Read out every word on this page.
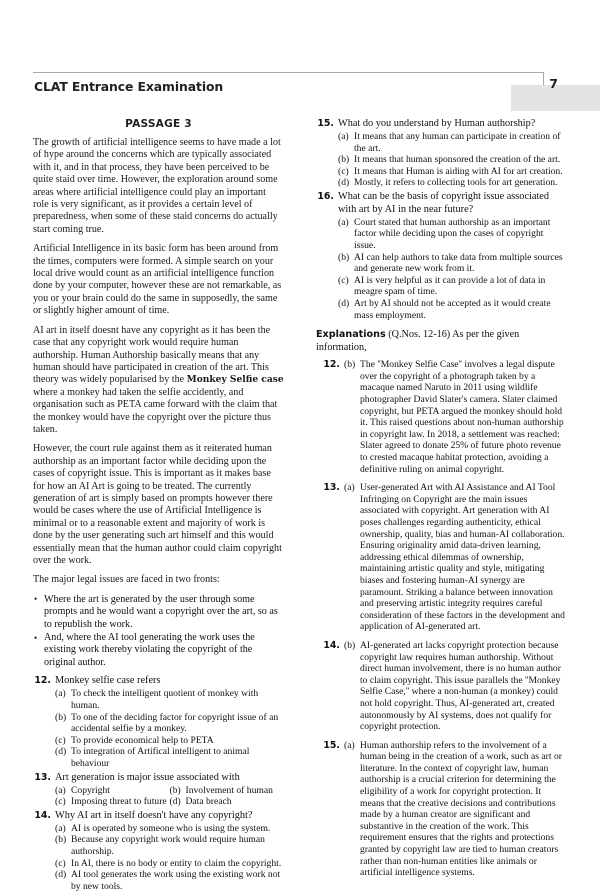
CLAT Entrance Examination	7
PASSAGE 3

The growth of artificial intelligence seems to have made a lot of hype around the concerns which are typically associated with it, and in that process, they have been perceived to be quite staid over time. However, the exploration around some areas where artificial intelligence could play an important role is very significant, as it provides a certain level of preparedness, when some of these staid concerns do actually start coming true.

Artificial Intelligence in its basic form has been around from the times, computers were formed. A simple search on your local drive would count as an artificial intelligence function done by your computer, however these are not remarkable, as you or your brain could do the same in supposedly, the same or slightly higher amount of time.

AI art in itself doesnt have any copyright as it has been the case that any copyright work would require human authorship. Human Authorship basically means that any human should have participated in creation of the art. This theory was widely popularised by the Monkey Selfie case where a monkey had taken the selfie accidently, and organisation such as PETA came forward with the claim that the monkey would have the copyright over the picture thus taken.

However, the court rule against them as it reiterated human authorship as an important factor while deciding upon the cases of copyright issue. This is important as it makes base for how an AI Art is going to be treated. The currently generation of art is simply based on prompts however there would be cases where the use of Artificial Intelligence is minimal or to a reasonable extent and majority of work is done by the user generating such art himself and this would essentially mean that the human author could claim copyright over the work.

The major legal issues are faced in two fronts:

• Where the art is generated by the user through some prompts and he would want a copyright over the art, so as to republish the work.
• And, where the AI tool generating the work uses the existing work thereby violating the copyright of the original author.
12. Monkey selfie case refers
(a) To check the intelligent quotient of monkey with human.
(b) To one of the deciding factor for copyright issue of an accidental selfie by a monkey.
(c) To provide economical help to PETA
(d) To integration of Artifical intelligent to animal behaviour
13. Art generation is major issue associated with
(a) Copyright	(b) Involvement of human
(c) Imposing threat to future (d) Data breach
14. Why AI art in itself doesn't have any copyright?
(a) AI is operated by someone who is using the system.
(b) Because any copyright work would require human authorship.
(c) In AI, there is no body or entity to claim the copyright.
(d) AI tool generates the work using the existing work not by new tools.
15. What do you understand by Human authorship?
(a) It means that any human can participate in creation of the art.
(b) It means that human sponsored the creation of the art.
(c) It means that Human is aiding with AI for art creation.
(d) Mostly, it refers to collecting tools for art generation.
16. What can be the basis of copyright issue associated with art by AI in the near future?
(a) Court stated that human authorship as an important factor while deciding upon the cases of copyright issue.
(b) AI can help authors to take data from multiple sources and generate new work from it.
(c) AI is very helpful as it can provide a lot of data in meagre spam of time.
(d) Art by AI should not be accepted as it would create mass employment.
Explanations (Q.Nos. 12-16) As per the given information,
12. (b) The ''Monkey Selfie Case'' involves a legal dispute over the copyright of a photograph taken by a macaque named Naruto in 2011 using wildlife photographer David Slater's camera. Slater claimed copyright, but PETA argued the monkey should hold it. This raised questions about non-human authorship in copyright law. In 2018, a settlement was reached: Slater agreed to donate 25% of future photo revenue to crested macaque habitat protection, avoiding a definitive ruling on animal copyright.
13. (a) User-generated Art with AI Assistance and AI Tool Infringing on Copyright are the main issues associated with copyright. Art generation with AI poses challenges regarding authenticity, ethical ownership, quality, bias and human-AI collaboration. Ensuring originality amid data-driven learning, addressing ethical dilemmas of ownership, maintaining artistic quality and style, mitigating biases and fostering human-AI synergy are paramount. Striking a balance between innovation and preserving artistic integrity requires careful consideration of these factors in the development and application of AI-generated art.
14. (b) AI-generated art lacks copyright protection because copyright law requires human authorship. Without direct human involvement, there is no human author to claim copyright. This issue parallels the ''Monkey Selfie Case,'' where a non-human (a monkey) could not hold copyright. Thus, AI-generated art, created autonomously by AI systems, does not qualify for copyright protection.
15. (a) Human authorship refers to the involvement of a human being in the creation of a work, such as art or literature. In the context of copyright law, human authorship is a crucial criterion for determining the eligibility of a work for copyright protection. It means that the creative decisions and contributions made by a human creator are significant and substantive in the creation of the work. This requirement ensures that the rights and protections granted by copyright law are tied to human creators rather than non-human entities like animals or artificial intelligence systems.
